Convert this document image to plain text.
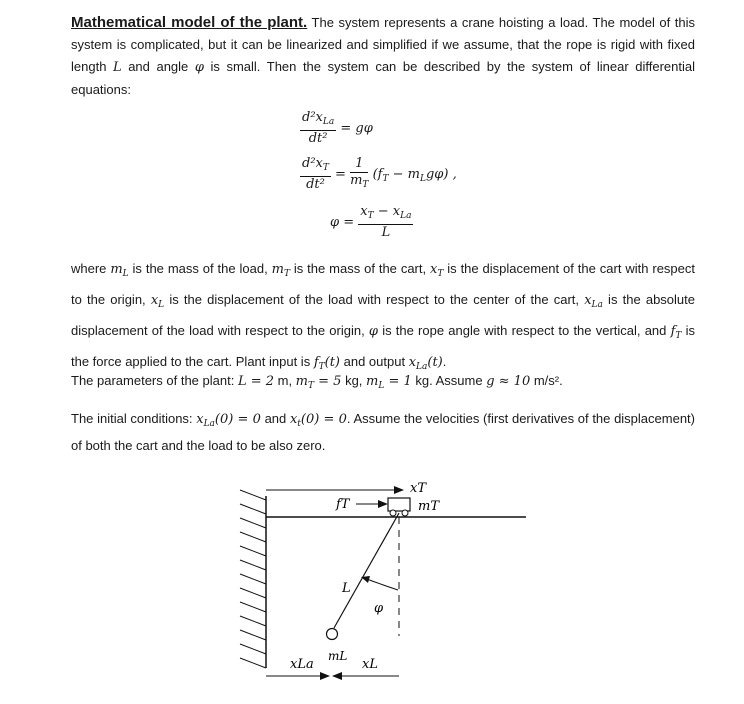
Mathematical model of the plant. The system represents a crane hoisting a load. The model of this system is complicated, but it can be linearized and simplified if we assume, that the rope is rigid with fixed length L and angle φ is small. Then the system can be described by the system of linear differential equations:
$\frac{d^2x_{La}}{\text{dt²}} = g\varphi$
$\frac{d^2x_T}{\text{dt²}} = \frac{1}{m_T} (f_T - m_Lg\varphi)$ ,
$\varphi = \frac{x_T - x_{La}}{L}$
where $m_L$ is the mass of the load, $m_T$ is the mass of the cart, $x_T$ is the displacement of the cart with respect to the origin, $x_L$ is the displacement of the load with respect to the center of the cart, $x_{La}$ is the absolute displacement of the load with respect to the origin, φ is the rope angle with respect to the vertical, and $f_T$ is the force applied to the cart. Plant input is $f_T(t)$ and output $x_{La}(t)$.
The parameters of the plant: L = 2 m, $m_T = 5$ kg, $m_L = 1$ kg. Assume g ≈ 10 m/s².
The initial conditions: $x_{La}(0) = 0$ and $x_t(0) = 0$. Assume the velocities (first derivatives of the displacement) of both the cart and the load to be also zero.
xT
mT
fT
L
φ
mL
xLa	xL
